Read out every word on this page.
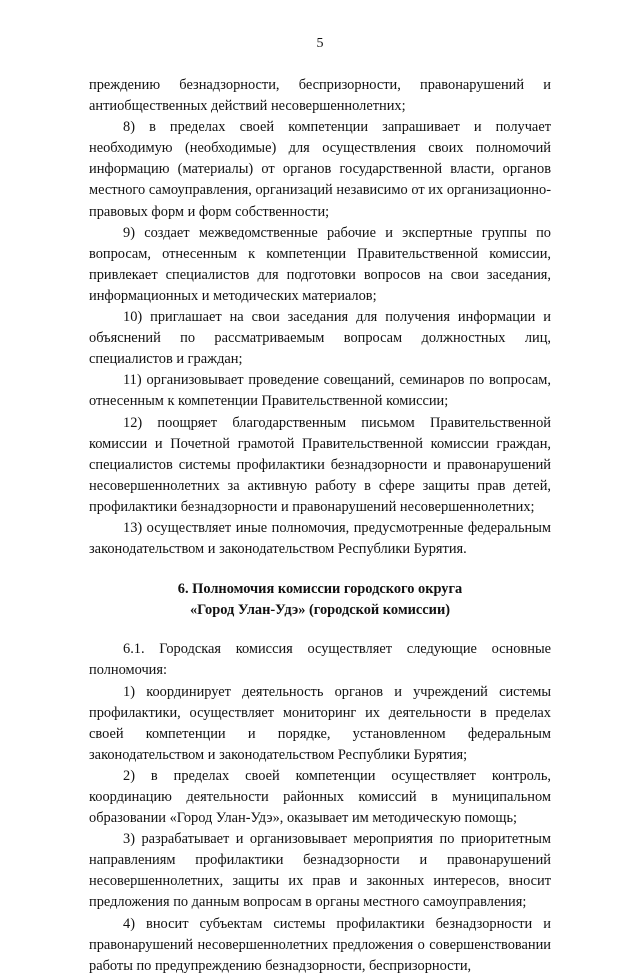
5

преждению безнадзорности, беспризорности, правонарушений и антиобщественных действий несовершеннолетних;

8) в пределах своей компетенции запрашивает и получает необходимую (необходимые) для осуществления своих полномочий информацию (материалы) от органов государственной власти, органов местного самоуправления, организаций независимо от их организационно-правовых форм и форм собственности;

9) создает межведомственные рабочие и экспертные группы по вопросам, отнесенным к компетенции Правительственной комиссии, привлекает специалистов для подготовки вопросов на свои заседания, информационных и методических материалов;

10) приглашает на свои заседания для получения информации и объяснений по рассматриваемым вопросам должностных лиц, специалистов и граждан;

11) организовывает проведение совещаний, семинаров по вопросам, отнесенным к компетенции Правительственной комиссии;

12) поощряет благодарственным письмом Правительственной комиссии и Почетной грамотой Правительственной комиссии граждан, специалистов системы профилактики безнадзорности и правонарушений несовершеннолетних за активную работу в сфере защиты прав детей, профилактики безнадзорности и правонарушений несовершеннолетних;

13) осуществляет иные полномочия, предусмотренные федеральным законодательством и законодательством Республики Бурятия.

6. Полномочия комиссии городского округа
«Город Улан-Удэ» (городской комиссии)

6.1. Городская комиссия осуществляет следующие основные полномочия:

1) координирует деятельность органов и учреждений системы профилактики, осуществляет мониторинг их деятельности в пределах своей компетенции и порядке, установленном федеральным законодательством и законодательством Республики Бурятия;

2) в пределах своей компетенции осуществляет контроль, координацию деятельности районных комиссий в муниципальном образовании «Город Улан-Удэ», оказывает им методическую помощь;

3) разрабатывает и организовывает мероприятия по приоритетным направлениям профилактики безнадзорности и правонарушений несовершеннолетних, защиты их прав и законных интересов, вносит предложения по данным вопросам в органы местного самоуправления;

4) вносит субъектам системы профилактики безнадзорности и правонарушений несовершеннолетних предложения о совершенствовании работы по предупреждению безнадзорности, беспризорности,
